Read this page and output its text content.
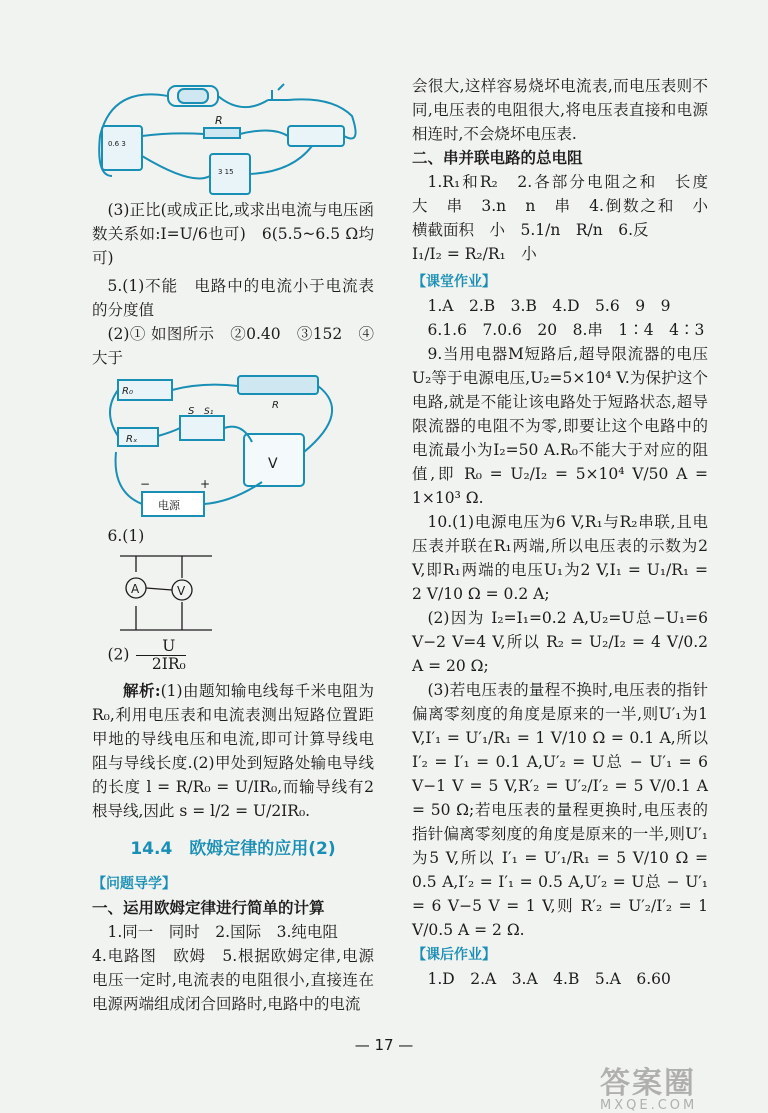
R
0.6 3
3 15

(3)正比(或成正比,或求出电流与电压函数关系如:I=U/6也可)　6(5.5~6.5 Ω均可)

5.(1)不能　电路中的电流小于电流表的分度值

(2)① 如图所示　②0.40　③152　④大于

R₀
Rₓ
S S₁
R
V
−	+
电源

6.(1)

A	V

$(2) \frac{U}{\text{2IR₀}}$

解析:(1)由题知输电线每千米电阻为R₀,利用电压表和电流表测出短路位置距甲地的导线电压和电流,即可计算导线电阻与导线长度.(2)甲处到短路处输电导线的长度 l = R/R₀ = U/IR₀,而输导线有2根导线,因此 s = l/2 = U/2IR₀.

14.4　欧姆定律的应用(2)
【问题导学】

一、运用欧姆定律进行简单的计算

1.同一　同时　2.国际　3.纯电阻

4.电路图　欧姆　5.根据欧姆定律,电源电压一定时,电流表的电阻很小,直接连在电源两端组成闭合回路时,电路中的电流

会很大,这样容易烧坏电流表,而电压表则不同,电压表的电阻很大,将电压表直接和电源相连时,不会烧坏电压表.

二、串并联电路的总电阻

1.R₁和R₂　2.各部分电阻之和　长度　大　串　3.n　n　串　4.倒数之和　小　横截面积　小　5.1/n　R/n　6.反

I₁/I₂ = R₂/R₁　小

【课堂作业】

1.A　2.B　3.B　4.D　5.6　9　9

6.1.6　7.0.6　20　8.串　1∶4　4∶3

9.当用电器M短路后,超导限流器的电压U₂等于电源电压,U₂=5×10⁴ V.为保护这个电路,就是不能让该电路处于短路状态,超导限流器的电阻不为零,即要让这个电路中的电流最小为I₂=50 A.R₀不能大于对应的阻值,即 R₀ = U₂/I₂ = 5×10⁴ V/50 A = 1×10³ Ω.

10.(1)电源电压为6 V,R₁与R₂串联,且电压表并联在R₁两端,所以电压表的示数为2 V,即R₁两端的电压U₁为2 V,I₁ = U₁/R₁ = 2 V/10 Ω = 0.2 A;

(2)因为 I₂=I₁=0.2 A,U₂=U总−U₁=6 V−2 V=4 V,所以 R₂ = U₂/I₂ = 4 V/0.2 A = 20 Ω;

(3)若电压表的量程不换时,电压表的指针偏离零刻度的角度是原来的一半,则U′₁为1 V,I′₁ = U′₁/R₁ = 1 V/10 Ω = 0.1 A,所以 I′₂ = I′₁ = 0.1 A,U′₂ = U总 − U′₁ = 6 V−1 V = 5 V,R′₂ = U′₂/I′₂ = 5 V/0.1 A = 50 Ω;若电压表的量程更换时,电压表的指针偏离零刻度的角度是原来的一半,则U′₁为5 V,所以 I′₁ = U′₁/R₁ = 5 V/10 Ω = 0.5 A,I′₂ = I′₁ = 0.5 A,U′₂ = U总 − U′₁ = 6 V−5 V = 1 V,则 R′₂ = U′₂/I′₂ = 1 V/0.5 A = 2 Ω.

【课后作业】

1.D　2.A　3.A　4.B　5.A　6.60

— 17 —
答案圈
MXQE.COM
